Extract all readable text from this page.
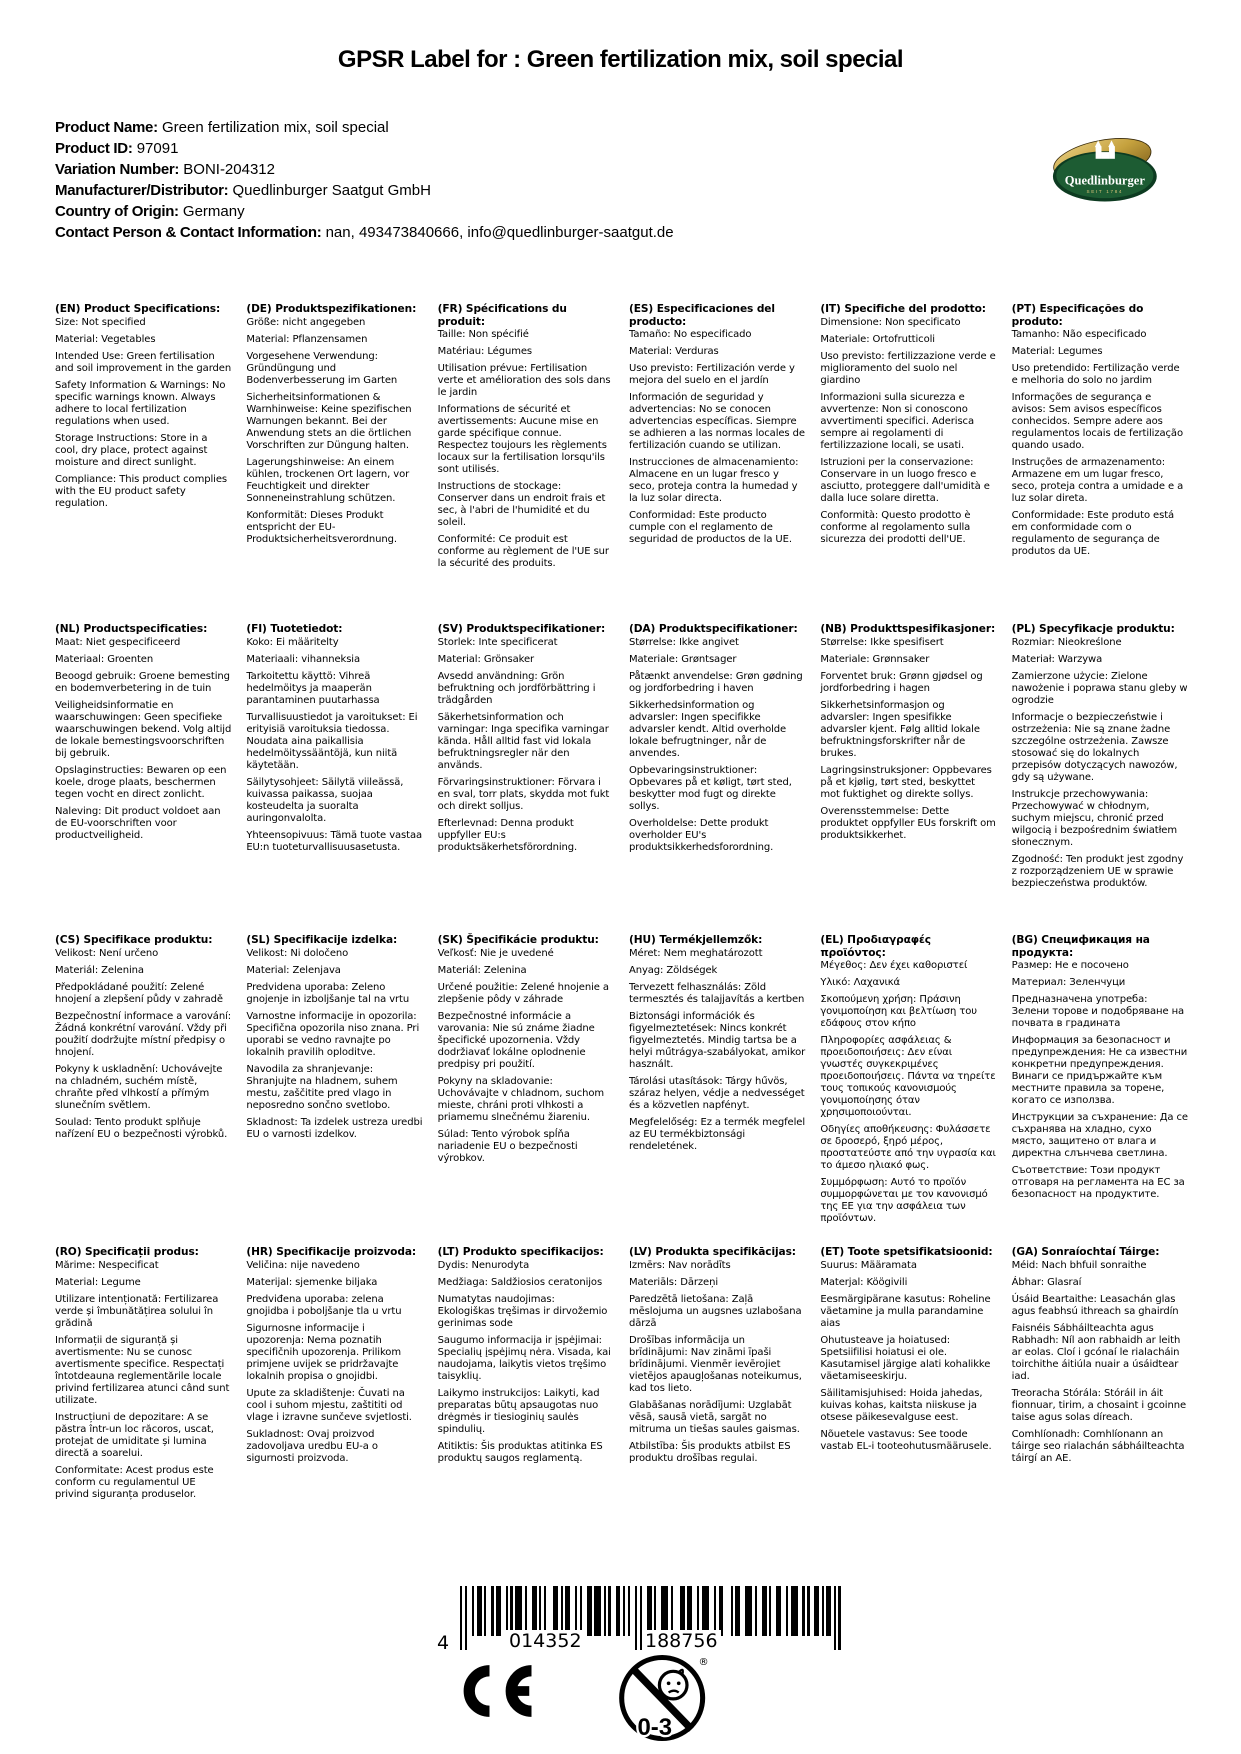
GPSR Label for : Green fertilization mix, soil special
Product Name: Green fertilization mix, soil special
Product ID: 97091
Variation Number: BONI-204312
Manufacturer/Distributor: Quedlinburger Saatgut GmbH
Country of Origin: Germany
Contact Person & Contact Information: nan, 493473840666, info@quedlinburger-saatgut.de
Quedlinburger
SEIT 1784
(EN) Product Specifications:

Size: Not specified

Material: Vegetables

Intended Use: Green fertilisation and soil improvement in the garden

Safety Information & Warnings: No specific warnings known. Always adhere to local fertilization regulations when used.

Storage Instructions: Store in a cool, dry place, protect against moisture and direct sunlight.

Compliance: This product complies with the EU product safety regulation.

(DE) Produktspezifikationen:

Größe: nicht angegeben

Material: Pflanzensamen

Vorgesehene Verwendung: Gründüngung und Bodenverbesserung im Garten

Sicherheitsinformationen & Warnhinweise: Keine spezifischen Warnungen bekannt. Bei der Anwendung stets an die örtlichen Vorschriften zur Düngung halten.

Lagerungshinweise: An einem kühlen, trockenen Ort lagern, vor Feuchtigkeit und direkter Sonneneinstrahlung schützen.

Konformität: Dieses Produkt entspricht der EU-Produktsicherheitsverordnung.

(FR) Spécifications du produit:

Taille: Non spécifié

Matériau: Légumes

Utilisation prévue: Fertilisation verte et amélioration des sols dans le jardin

Informations de sécurité et avertissements: Aucune mise en garde spécifique connue. Respectez toujours les règlements locaux sur la fertilisation lorsqu'ils sont utilisés.

Instructions de stockage: Conserver dans un endroit frais et sec, à l'abri de l'humidité et du soleil.

Conformité: Ce produit est conforme au règlement de l'UE sur la sécurité des produits.

(ES) Especificaciones del producto:

Tamaño: No especificado

Material: Verduras

Uso previsto: Fertilización verde y mejora del suelo en el jardín

Información de seguridad y advertencias: No se conocen advertencias específicas. Siempre se adhieren a las normas locales de fertilización cuando se utilizan.

Instrucciones de almacenamiento: Almacene en un lugar fresco y seco, proteja contra la humedad y la luz solar directa.

Conformidad: Este producto cumple con el reglamento de seguridad de productos de la UE.

(IT) Specifiche del prodotto:

Dimensione: Non specificato

Materiale: Ortofrutticoli

Uso previsto: fertilizzazione verde e miglioramento del suolo nel giardino

Informazioni sulla sicurezza e avvertenze: Non si conoscono avvertimenti specifici. Aderisca sempre ai regolamenti di fertilizzazione locali, se usati.

Istruzioni per la conservazione: Conservare in un luogo fresco e asciutto, proteggere dall'umidità e dalla luce solare diretta.

Conformità: Questo prodotto è conforme al regolamento sulla sicurezza dei prodotti dell'UE.

(PT) Especificações do produto:

Tamanho: Não especificado

Material: Legumes

Uso pretendido: Fertilização verde e melhoria do solo no jardim

Informações de segurança e avisos: Sem avisos específicos conhecidos. Sempre adere aos regulamentos locais de fertilização quando usado.

Instruções de armazenamento: Armazene em um lugar fresco, seco, proteja contra a umidade e a luz solar direta.

Conformidade: Este produto está em conformidade com o regulamento de segurança de produtos da UE.

(NL) Productspecificaties:

Maat: Niet gespecificeerd

Materiaal: Groenten

Beoogd gebruik: Groene bemesting en bodemverbetering in de tuin

Veiligheidsinformatie en waarschuwingen: Geen specifieke waarschuwingen bekend. Volg altijd de lokale bemestingsvoorschriften bij gebruik.

Opslaginstructies: Bewaren op een koele, droge plaats, beschermen tegen vocht en direct zonlicht.

Naleving: Dit product voldoet aan de EU-voorschriften voor productveiligheid.

(FI) Tuotetiedot:

Koko: Ei määritelty

Materiaali: vihanneksia

Tarkoitettu käyttö: Vihreä hedelmöitys ja maaperän parantaminen puutarhassa

Turvallisuustiedot ja varoitukset: Ei erityisiä varoituksia tiedossa. Noudata aina paikallisia hedelmöityssääntöjä, kun niitä käytetään.

Säilytysohjeet: Säilytä viileässä, kuivassa paikassa, suojaa kosteudelta ja suoralta auringonvalolta.

Yhteensopivuus: Tämä tuote vastaa EU:n tuoteturvallisuusasetusta.

(SV) Produktspecifikationer:

Storlek: Inte specificerat

Material: Grönsaker

Avsedd användning: Grön befruktning och jordförbättring i trädgården

Säkerhetsinformation och varningar: Inga specifika varningar kända. Håll alltid fast vid lokala befruktningsregler när den används.

Förvaringsinstruktioner: Förvara i en sval, torr plats, skydda mot fukt och direkt solljus.

Efterlevnad: Denna produkt uppfyller EU:s produktsäkerhetsförordning.

(DA) Produktspecifikationer:

Størrelse: Ikke angivet

Materiale: Grøntsager

Påtænkt anvendelse: Grøn gødning og jordforbedring i haven

Sikkerhedsinformation og advarsler: Ingen specifikke advarsler kendt. Altid overholde lokale befrugtninger, når de anvendes.

Opbevaringsinstruktioner: Opbevares på et køligt, tørt sted, beskytter mod fugt og direkte sollys.

Overholdelse: Dette produkt overholder EU's produktsikkerhedsforordning.

(NB) Produkttspesifikasjoner:

Størrelse: Ikke spesifisert

Materiale: Grønnsaker

Forventet bruk: Grønn gjødsel og jordforbedring i hagen

Sikkerhetsinformasjon og advarsler: Ingen spesifikke advarsler kjent. Følg alltid lokale befruktningsforskrifter når de brukes.

Lagringsinstruksjoner: Oppbevares på et kjølig, tørt sted, beskyttet mot fuktighet og direkte sollys.

Overensstemmelse: Dette produktet oppfyller EUs forskrift om produktsikkerhet.

(PL) Specyfikacje produktu:

Rozmiar: Nieokreślone

Materiał: Warzywa

Zamierzone użycie: Zielone nawożenie i poprawa stanu gleby w ogrodzie

Informacje o bezpieczeństwie i ostrzeżenia: Nie są znane żadne szczególne ostrzeżenia. Zawsze stosować się do lokalnych przepisów dotyczących nawozów, gdy są używane.

Instrukcje przechowywania: Przechowywać w chłodnym, suchym miejscu, chronić przed wilgocią i bezpośrednim światłem słonecznym.

Zgodność: Ten produkt jest zgodny z rozporządzeniem UE w sprawie bezpieczeństwa produktów.

(CS) Specifikace produktu:

Velikost: Není určeno

Materiál: Zelenina

Předpokládané použití: Zelené hnojení a zlepšení půdy v zahradě

Bezpečnostní informace a varování: Žádná konkrétní varování. Vždy při použití dodržujte místní předpisy o hnojení.

Pokyny k uskladnění: Uchovávejte na chladném, suchém místě, chraňte před vlhkostí a přímým slunečním světlem.

Soulad: Tento produkt splňuje nařízení EU o bezpečnosti výrobků.

(SL) Specifikacije izdelka:

Velikost: Ni določeno

Material: Zelenjava

Predvidena uporaba: Zeleno gnojenje in izboljšanje tal na vrtu

Varnostne informacije in opozorila: Specifična opozorila niso znana. Pri uporabi se vedno ravnajte po lokalnih pravilih oploditve.

Navodila za shranjevanje: Shranjujte na hladnem, suhem mestu, zaščitite pred vlago in neposredno sončno svetlobo.

Skladnost: Ta izdelek ustreza uredbi EU o varnosti izdelkov.

(SK) Špecifikácie produktu:

Veľkosť: Nie je uvedené

Materiál: Zelenina

Určené použitie: Zelené hnojenie a zlepšenie pôdy v záhrade

Bezpečnostné informácie a varovania: Nie sú známe žiadne špecifické upozornenia. Vždy dodržiavať lokálne oplodnenie predpisy pri použití.

Pokyny na skladovanie: Uchovávajte v chladnom, suchom mieste, chráni proti vlhkosti a priamemu slnečnému žiareniu.

Súlad: Tento výrobok spĺňa nariadenie EU o bezpečnosti výrobkov.

(HU) Termékjellemzők:

Méret: Nem meghatározott

Anyag: Zöldségek

Tervezett felhasználás: Zöld termesztés és talajjavítás a kertben

Biztonsági információk és figyelmeztetések: Nincs konkrét figyelmeztetés. Mindig tartsa be a helyi műtrágya-szabályokat, amikor használt.

Tárolási utasítások: Tárgy hűvös, száraz helyen, védje a nedvességet és a közvetlen napfényt.

Megfelelőség: Ez a termék megfelel az EU termékbiztonsági rendeletének.

(EL) Προδιαγραφές προϊόντος:

Μέγεθος: Δεν έχει καθοριστεί

Υλικό: Λαχανικά

Σκοπούμενη χρήση: Πράσινη γονιμοποίηση και βελτίωση του εδάφους στον κήπο

Πληροφορίες ασφάλειας & προειδοποιήσεις: Δεν είναι γνωστές συγκεκριμένες προειδοποιήσεις. Πάντα να τηρείτε τους τοπικούς κανονισμούς γονιμοποίησης όταν χρησιμοποιούνται.

Οδηγίες αποθήκευσης: Φυλάσσετε σε δροσερό, ξηρό μέρος, προστατεύστε από την υγρασία και το άμεσο ηλιακό φως.

Συμμόρφωση: Αυτό το προϊόν συμμορφώνεται με τον κανονισμό της ΕΕ για την ασφάλεια των προϊόντων.

(BG) Спецификация на продукта:

Размер: Не е посочено

Материал: Зеленчуци

Предназначена употреба: Зелени торове и подобряване на почвата в градината

Информация за безопасност и предупреждения: Не са известни конкретни предупреждения. Винаги се придържайте към местните правила за торене, когато се използва.

Инструкции за съхранение: Да се съхранява на хладно, сухо място, защитено от влага и директна слънчева светлина.

Съответствие: Този продукт отговаря на регламента на ЕС за безопасност на продуктите.

(RO) Specificații produs:

Mărime: Nespecificat

Material: Legume

Utilizare intenționată: Fertilizarea verde și îmbunătățirea solului în grădină

Informații de siguranță și avertismente: Nu se cunosc avertismente specifice. Respectați întotdeauna reglementările locale privind fertilizarea atunci când sunt utilizate.

Instrucțiuni de depozitare: A se păstra într-un loc răcoros, uscat, protejat de umiditate și lumina directă a soarelui.

Conformitate: Acest produs este conform cu regulamentul UE privind siguranța produselor.

(HR) Specifikacije proizvoda:

Veličina: nije navedeno

Materijal: sjemenke biljaka

Predviđena uporaba: zelena gnojidba i poboljšanje tla u vrtu

Sigurnosne informacije i upozorenja: Nema poznatih specifičnih upozorenja. Prilikom primjene uvijek se pridržavajte lokalnih propisa o gnojidbi.

Upute za skladištenje: Čuvati na cool i suhom mjestu, zaštititi od vlage i izravne sunčeve svjetlosti.

Sukladnost: Ovaj proizvod zadovoljava uredbu EU-a o sigurnosti proizvoda.

(LT) Produkto specifikacijos:

Dydis: Nenurodyta

Medžiaga: Saldžiosios ceratonijos

Numatytas naudojimas: Ekologiškas tręšimas ir dirvožemio gerinimas sode

Saugumo informacija ir įspėjimai: Specialių įspėjimų nėra. Visada, kai naudojama, laikytis vietos tręšimo taisyklių.

Laikymo instrukcijos: Laikyti, kad preparatas būtų apsaugotas nuo drėgmės ir tiesioginių saulės spindulių.

Atitiktis: Šis produktas atitinka ES produktų saugos reglamentą.

(LV) Produkta specifikācijas:

Izmērs: Nav norādīts

Materiāls: Dārzeņi

Paredzētā lietošana: Zaļā mēslojuma un augsnes uzlabošana dārzā

Drošības informācija un brīdinājumi: Nav zināmi īpaši brīdinājumi. Vienmēr ievērojiet vietējos apaugļošanas noteikumus, kad tos lieto.

Glabāšanas norādījumi: Uzglabāt vēsā, sausā vietā, sargāt no mitruma un tiešas saules gaismas.

Atbilstība: Šis produkts atbilst ES produktu drošības regulai.

(ET) Toote spetsifikatsioonid:

Suurus: Määramata

Materjal: Köögivili

Eesmärgipärane kasutus: Roheline väetamine ja mulla parandamine aias

Ohutusteave ja hoiatused: Spetsiifilisi hoiatusi ei ole. Kasutamisel järgige alati kohalikke väetamiseeskirju.

Säilitamisjuhised: Hoida jahedas, kuivas kohas, kaitsta niiskuse ja otsese päikesevalguse eest.

Nõuetele vastavus: See toode vastab EL-i tooteohutusmäärusele.

(GA) Sonraíochtaí Táirge:

Méid: Nach bhfuil sonraithe

Ábhar: Glasraí

Úsáid Beartaithe: Leasachán glas agus feabhsú ithreach sa ghairdín

Faisnéis Sábháilteachta agus Rabhadh: Níl aon rabhaidh ar leith ar eolas. Cloí i gcónaí le rialacháin toirchithe áitiúla nuair a úsáidtear iad.

Treoracha Stórála: Stóráil in áit fionnuar, tirim, a chosaint i gcoinne taise agus solas díreach.

Comhlíonadh: Comhlíonann an táirge seo rialachán sábháilteachta táirgí an AE.

4	014352	188756
0-3
®
